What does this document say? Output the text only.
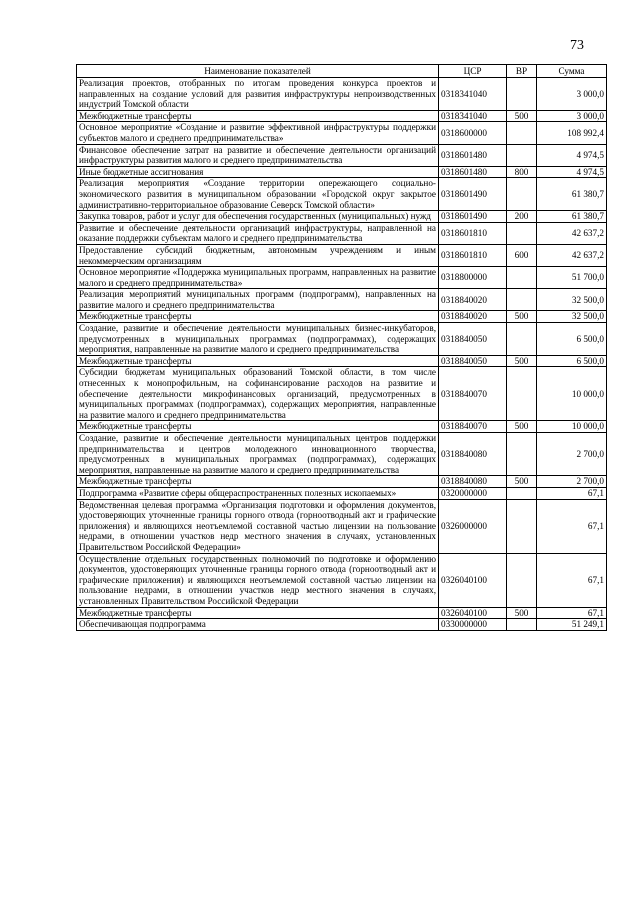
73
Наименование показателей	ЦСР	ВР	Сумма
Реализация проектов, отобранных по итогам проведения конкурса проектов и направленных на создание условий для развития инфраструктуры непроизводственных индустрий Томской области	0318341040		3 000,0
Межбюджетные трансферты	0318341040	500	3 000,0
Основное мероприятие «Создание и развитие эффективной инфраструктуры поддержки субъектов малого и среднего предпринимательства»	0318600000		108 992,4
Финансовое обеспечение затрат на развитие и обеспечение деятельности организаций инфраструктуры развития малого и среднего предпринимательства	0318601480		4 974,5
Иные бюджетные ассигнования	0318601480	800	4 974,5
Реализация мероприятия «Создание территории опережающего социально-экономического развития в муниципальном образовании «Городской округ закрытое административно-территориальное образование Северск Томской области»	0318601490		61 380,7
Закупка товаров, работ и услуг для обеспечения государственных (муниципальных) нужд	0318601490	200	61 380,7
Развитие и обеспечение деятельности организаций инфраструктуры, направленной на оказание поддержки субъектам малого и среднего предпринимательства	0318601810		42 637,2
Предоставление субсидий бюджетным, автономным учреждениям и иным некоммерческим организациям	0318601810	600	42 637,2
Основное мероприятие «Поддержка муниципальных программ, направленных на развитие малого и среднего предпринимательства»	0318800000		51 700,0
Реализация мероприятий муниципальных программ (подпрограмм), направленных на развитие малого и среднего предпринимательства	0318840020		32 500,0
Межбюджетные трансферты	0318840020	500	32 500,0
Создание, развитие и обеспечение деятельности муниципальных бизнес-инкубаторов, предусмотренных в муниципальных программах (подпрограммах), содержащих мероприятия, направленные на развитие малого и среднего предпринимательства	0318840050		6 500,0
Межбюджетные трансферты	0318840050	500	6 500,0
Субсидии бюджетам муниципальных образований Томской области, в том числе отнесенных к монопрофильным, на софинансирование расходов на развитие и обеспечение деятельности микрофинансовых организаций, предусмотренных в муниципальных программах (подпрограммах), содержащих мероприятия, направленные на развитие малого и среднего предпринимательства	0318840070		10 000,0
Межбюджетные трансферты	0318840070	500	10 000,0
Создание, развитие и обеспечение деятельности муниципальных центров поддержки предпринимательства и центров молодежного инновационного творчества, предусмотренных в муниципальных программах (подпрограммах), содержащих мероприятия, направленные на развитие малого и среднего предпринимательства	0318840080		2 700,0
Межбюджетные трансферты	0318840080	500	2 700,0
Подпрограмма «Развитие сферы общераспространенных полезных ископаемых»	0320000000		67,1
Ведомственная целевая программа «Организация подготовки и оформления документов, удостоверяющих уточненные границы горного отвода (горноотводный акт и графические приложения) и являющихся неотъемлемой составной частью лицензии на пользование недрами, в отношении участков недр местного значения в случаях, установленных Правительством Российской Федерации»	0326000000		67,1
Осуществление отдельных государственных полномочий по подготовке и оформлению документов, удостоверяющих уточненные границы горного отвода (горноотводный акт и графические приложения) и являющихся неотъемлемой составной частью лицензии на пользование недрами, в отношении участков недр местного значения в случаях, установленных Правительством Российской Федерации	0326040100		67,1
Межбюджетные трансферты	0326040100	500	67,1
Обеспечивающая подпрограмма	0330000000		51 249,1
